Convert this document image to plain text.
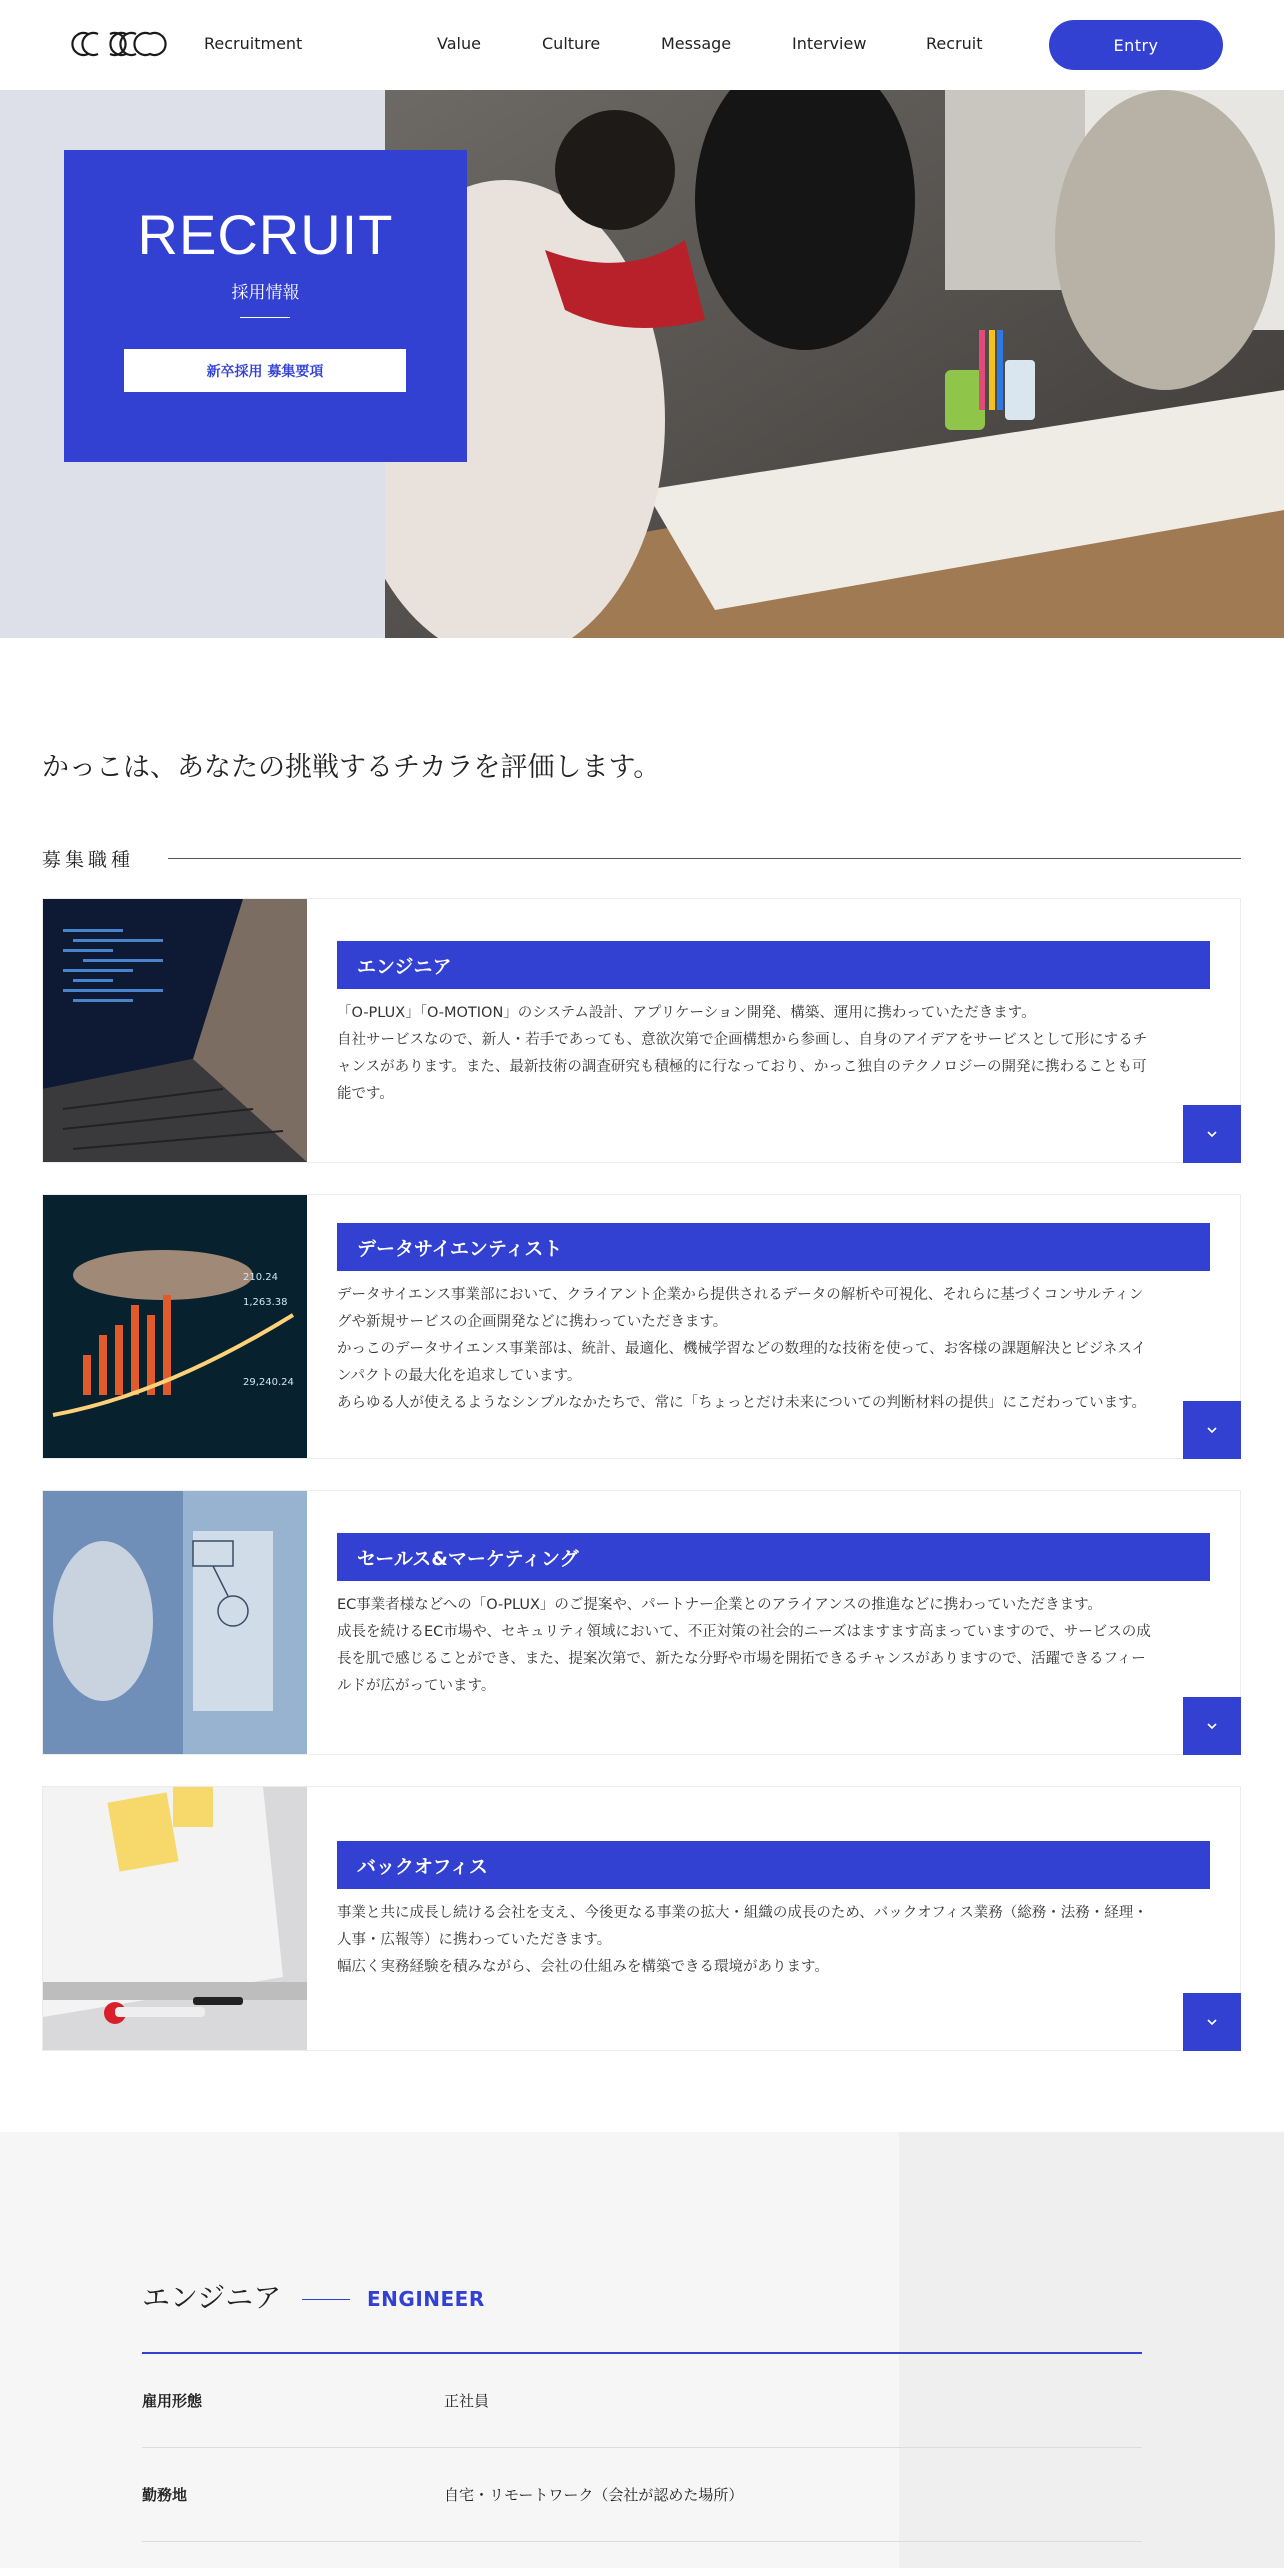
Recruitment	Value	Culture	Message	Interview	Recruit	Entry
RECRUIT
採用情報
新卒採用 募集要項
かっこは、あなたの挑戦するチカラを評価します。
募集職種
エンジニア
「O-PLUX」「O-MOTION」のシステム設計、アプリケーション開発、構築、運用に携わっていただきます。
自社サービスなので、新人・若手であっても、意欲次第で企画構想から参画し、自身のアイデアをサービスとして形にするチ
ャンスがあります。また、最新技術の調査研究も積極的に行なっており、かっこ独自のテクノロジーの開発に携わることも可
能です。
210.24
1,263.38
29,240.24
データサイエンティスト
データサイエンス事業部において、クライアント企業から提供されるデータの解析や可視化、それらに基づくコンサルティン
グや新規サービスの企画開発などに携わっていただきます。
かっこのデータサイエンス事業部は、統計、最適化、機械学習などの数理的な技術を使って、お客様の課題解決とビジネスイ
ンパクトの最大化を追求しています。
あらゆる人が使えるようなシンプルなかたちで、常に「ちょっとだけ未来についての判断材料の提供」にこだわっています。
セールス&マーケティング
EC事業者様などへの「O-PLUX」のご提案や、パートナー企業とのアライアンスの推進などに携わっていただきます。
成長を続けるEC市場や、セキュリティ領域において、不正対策の社会的ニーズはますます高まっていますので、サービスの成
長を肌で感じることができ、また、提案次第で、新たな分野や市場を開拓できるチャンスがありますので、活躍できるフィー
ルドが広がっています。
バックオフィス
事業と共に成長し続ける会社を支え、今後更なる事業の拡大・組織の成長のため、バックオフィス業務（総務・法務・経理・
人事・広報等）に携わっていただきます。
幅広く実務経験を積みながら、会社の仕組みを構築できる環境があります。
エンジニア	ENGINEER
雇用形態	正社員
勤務地	自宅・リモートワーク（会社が認めた場所）
